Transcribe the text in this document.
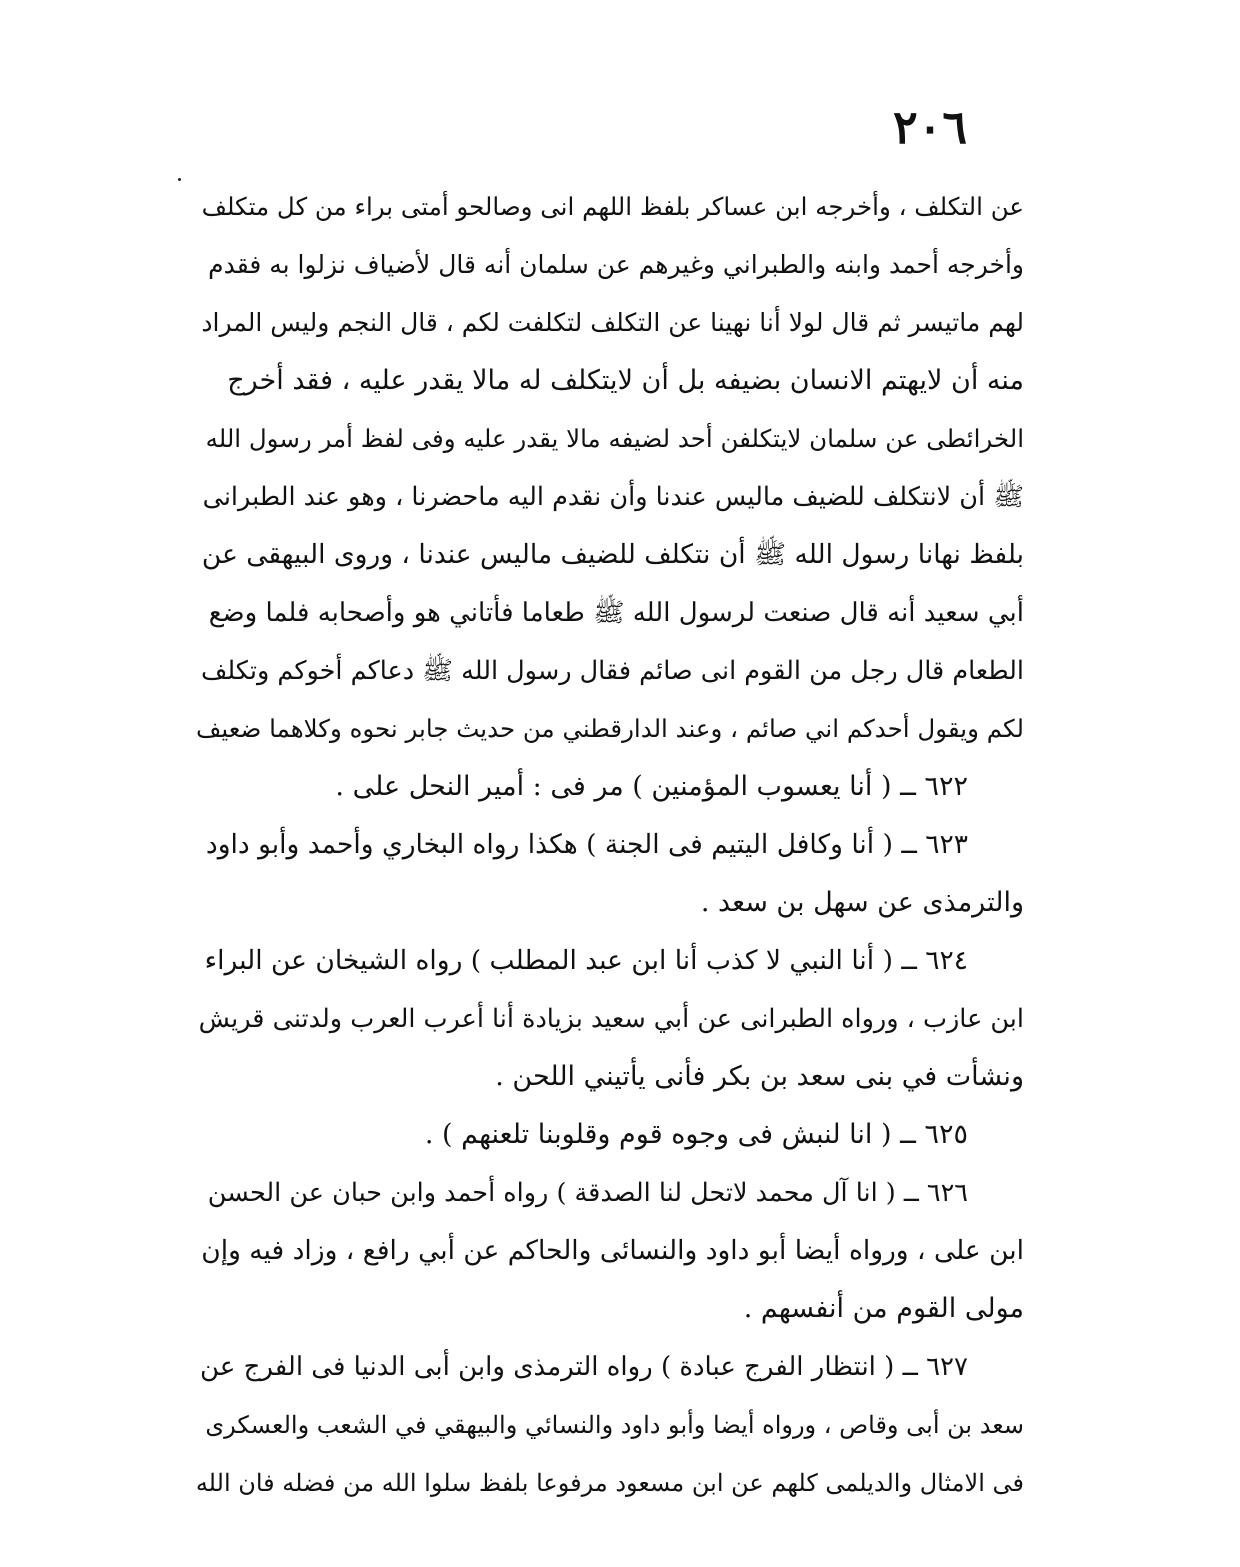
٢٠٦
عن التكلف ، وأخرجه ابن عساكر بلفظ اللهم انى وصالحو أمتى براء من كل متكلف
وأخرجه أحمد وابنه والطبراني وغيرهم عن سلمان أنه قال لأضياف نزلوا به فقدم
لهم ماتيسر ثم قال لولا أنا نهينا عن التكلف لتكلفت لكم ، قال النجم وليس المراد
منه أن لايهتم الانسان بضيفه بل أن لايتكلف له مالا يقدر عليه ، فقد أخرج
الخرائطى عن سلمان لايتكلفن أحد لضيفه مالا يقدر عليه وفى لفظ أمر رسول الله
ﷺ أن لانتكلف للضيف ماليس عندنا وأن نقدم اليه ماحضرنا ، وهو عند الطبرانى
بلفظ نهانا رسول الله ﷺ أن نتكلف للضيف ماليس عندنا ، وروى البيهقى عن
أبي سعيد أنه قال صنعت لرسول الله ﷺ طعاما فأتاني هو وأصحابه فلما وضع
الطعام قال رجل من القوم انى صائم فقال رسول الله ﷺ دعاكم أخوكم وتكلف
لكم ويقول أحدكم اني صائم ، وعند الدارقطني من حديث جابر نحوه وكلاهما ضعيف
٦٢٢ ــ ( أنا يعسوب المؤمنين ) مر فى : أمير النحل على .
٦٢٣ ــ ( أنا وكافل اليتيم فى الجنة ) هكذا رواه البخاري وأحمد وأبو داود
والترمذى عن سهل بن سعد .
٦٢٤ ــ ( أنا النبي لا كذب أنا ابن عبد المطلب ) رواه الشيخان عن البراء
ابن عازب ، ورواه الطبرانى عن أبي سعيد بزيادة أنا أعرب العرب ولدتنى قريش
ونشأت في بنى سعد بن بكر فأنى يأتيني اللحن .
٦٢٥ ــ ( انا لنبش فى وجوه قوم وقلوبنا تلعنهم ) .
٦٢٦ ــ ( انا آل محمد لاتحل لنا الصدقة ) رواه أحمد وابن حبان عن الحسن
ابن على ، ورواه أيضا أبو داود والنسائى والحاكم عن أبي رافع ، وزاد فيه وإن
مولى القوم من أنفسهم .
٦٢٧ ــ ( انتظار الفرج عبادة ) رواه الترمذى وابن أبى الدنيا فى الفرج عن
سعد بن أبى وقاص ، ورواه أيضا وأبو داود والنسائي والبيهقي في الشعب والعسكرى
فى الامثال والديلمى كلهم عن ابن مسعود مرفوعا بلفظ سلوا الله من فضله فان الله
